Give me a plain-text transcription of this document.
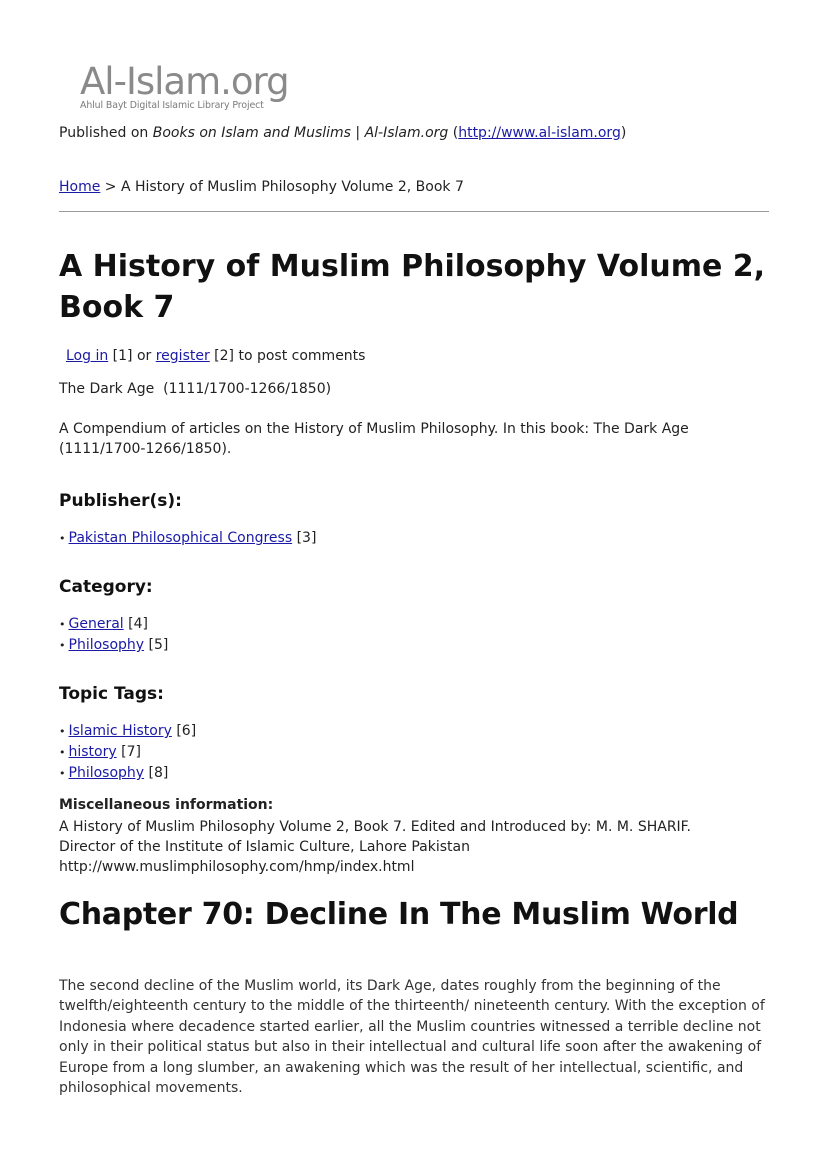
Al-Islam.org
Ahlul Bayt Digital Islamic Library Project
Published on Books on Islam and Muslims | Al-Islam.org (http://www.al-islam.org)
Home > A History of Muslim Philosophy Volume 2, Book 7
A History of Muslim Philosophy Volume 2, Book 7
Log in [1] or register [2] to post comments
The Dark Age  (1111/1700-1266/1850)
A Compendium of articles on the History of Muslim Philosophy. In this book: The Dark Age (1111/1700-1266/1850).
Publisher(s):
• Pakistan Philosophical Congress [3]
Category:
• General [4]
• Philosophy [5]
Topic Tags:
• Islamic History [6]
• history [7]
• Philosophy [8]
Miscellaneous information:
A History of Muslim Philosophy Volume 2, Book 7. Edited and Introduced by: M. M. SHARIF.
Director of the Institute of Islamic Culture, Lahore Pakistan
http://www.muslimphilosophy.com/hmp/index.html
Chapter 70: Decline In The Muslim World

The second decline of the Muslim world, its Dark Age, dates roughly from the beginning of the twelfth/eighteenth century to the middle of the thirteenth/ nineteenth century. With the exception of Indonesia where decadence started earlier, all the Muslim countries witnessed a terrible decline not only in their political status but also in their intellectual and cultural life soon after the awakening of Europe from a long slumber, an awakening which was the result of her intellectual, scientific, and philosophical movements.
